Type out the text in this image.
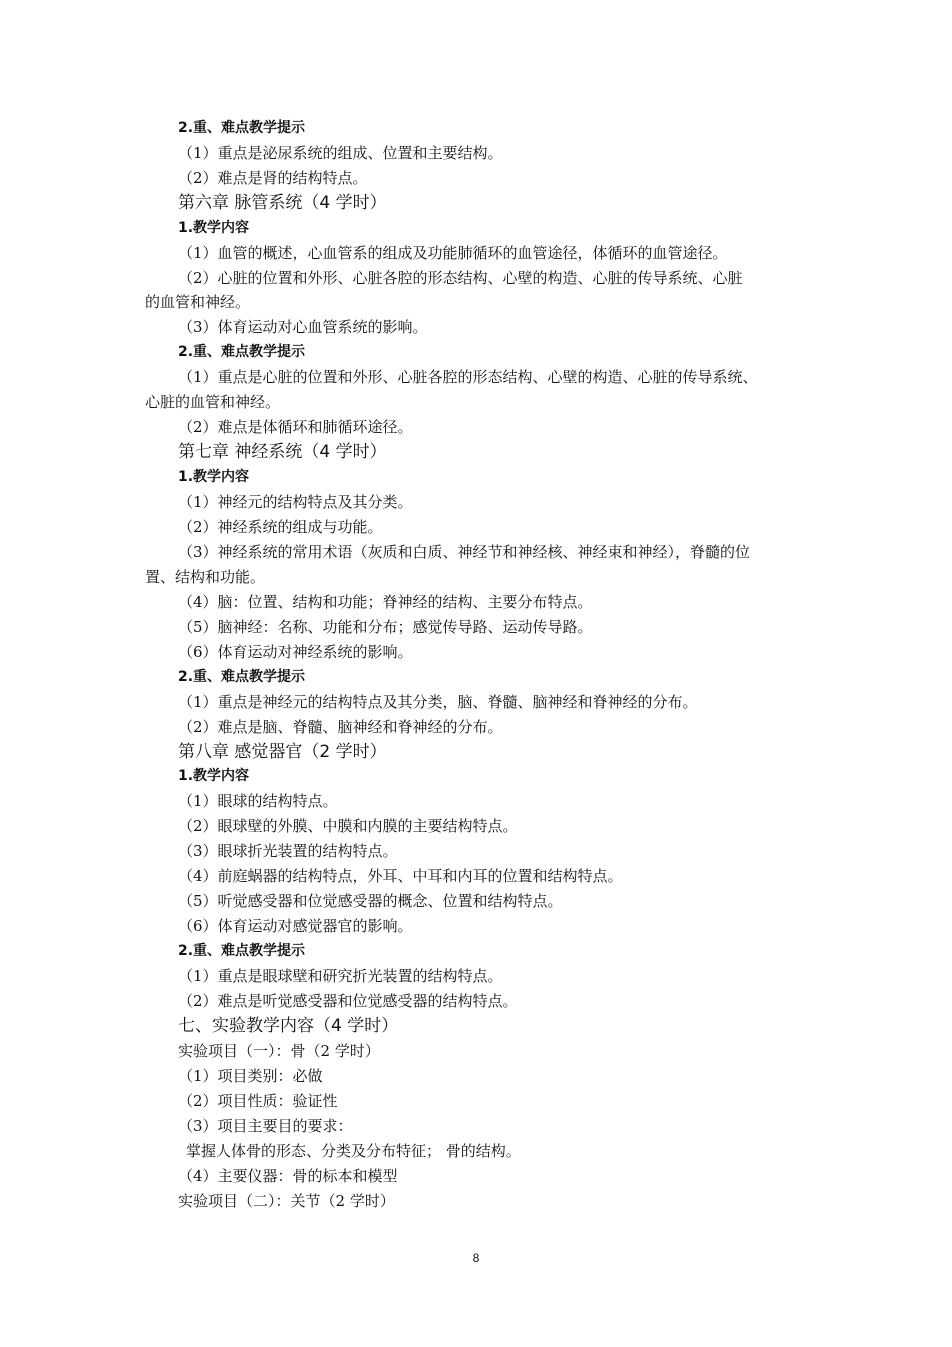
2.重、难点教学提示
（1）重点是泌尿系统的组成、位置和主要结构。
（2）难点是肾的结构特点。
第六章 脉管系统（4 学时）
1.教学内容
（1）血管的概述，心血管系的组成及功能肺循环的血管途径，体循环的血管途径。
（2）心脏的位置和外形、心脏各腔的形态结构、心壁的构造、心脏的传导系统、心脏
的血管和神经。
（3）体育运动对心血管系统的影响。
2.重、难点教学提示
（1）重点是心脏的位置和外形、心脏各腔的形态结构、心壁的构造、心脏的传导系统、
心脏的血管和神经。
（2）难点是体循环和肺循环途径。
第七章 神经系统（4 学时）
1.教学内容
（1）神经元的结构特点及其分类。
（2）神经系统的组成与功能。
（3）神经系统的常用术语（灰质和白质、神经节和神经核、神经束和神经），脊髓的位
置、结构和功能。
（4）脑：位置、结构和功能；脊神经的结构、主要分布特点。
（5）脑神经：名称、功能和分布；感觉传导路、运动传导路。
（6）体育运动对神经系统的影响。
2.重、难点教学提示
（1）重点是神经元的结构特点及其分类，脑、脊髓、脑神经和脊神经的分布。
（2）难点是脑、脊髓、脑神经和脊神经的分布。
第八章 感觉器官（2 学时）
1.教学内容
（1）眼球的结构特点。
（2）眼球壁的外膜、中膜和内膜的主要结构特点。
（3）眼球折光装置的结构特点。
（4）前庭蜗器的结构特点，外耳、中耳和内耳的位置和结构特点。
（5）听觉感受器和位觉感受器的概念、位置和结构特点。
（6）体育运动对感觉器官的影响。
2.重、难点教学提示
（1）重点是眼球壁和研究折光装置的结构特点。
（2）难点是听觉感受器和位觉感受器的结构特点。
七、实验教学内容（4 学时）
实验项目（一）：骨（2 学时）
（1）项目类别：必做
（2）项目性质：验证性
（3）项目主要目的要求：
掌握人体骨的形态、分类及分布特征； 骨的结构。
（4）主要仪器：骨的标本和模型
实验项目（二）：关节（2 学时）
8
